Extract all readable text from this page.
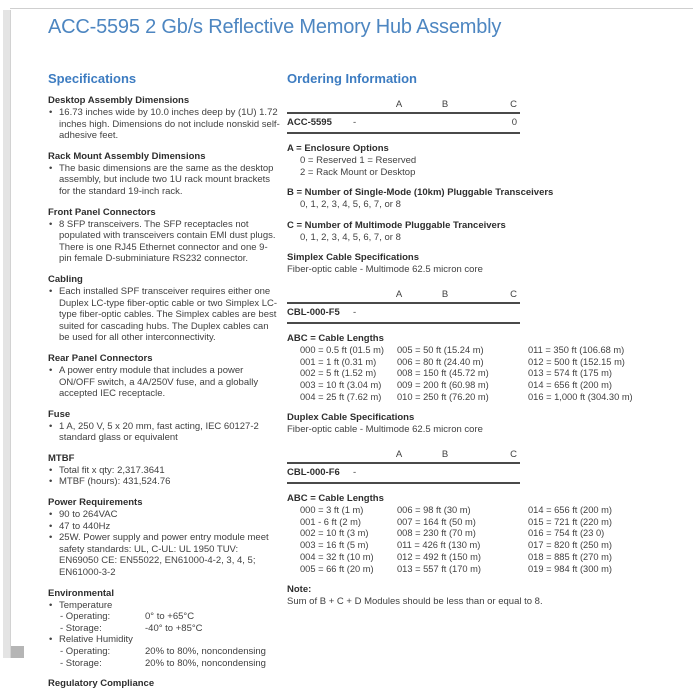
ACC-5595 2 Gb/s Reflective Memory Hub Assembly
Specifications
Desktop Assembly Dimensions
• 16.73 inches wide by 10.0 inches deep by (1U) 1.72 inches high. Dimensions do not include nonskid self-adhesive feet.
Rack Mount Assembly Dimensions
• The basic dimensions are the same as the desktop assembly, but include two 1U rack mount brackets for the standard 19-inch rack.
Front Panel Connectors
• 8 SFP transceivers. The SFP receptacles not populated with transceivers contain EMI dust plugs. There is one RJ45 Ethernet connector and one 9-pin female D-subminiature RS232 connector.
Cabling
• Each installed SPF transceiver requires either one Duplex LC-type fiber-optic cable or two Simplex LC-type fiber-optic cables. The Simplex cables are best suited for cascading hubs. The Duplex cables can be used for all other interconnectivity.
Rear Panel Connectors
• A power entry module that includes a power ON/OFF switch, a 4A/250V fuse, and a globally accepted IEC receptacle.
Fuse
• 1 A, 250 V, 5 x 20 mm, fast acting, IEC 60127-2 standard glass or equivalent
MTBF
• Total fit x qty: 2,317.3641
• MTBF (hours): 431,524.76
Power Requirements
• 90 to 264VAC
• 47 to 440Hz
• 25W. Power supply and power entry module meet safety standards: UL, C-UL: UL 1950 TUV: EN69050 CE: EN55022, EN61000-4-2, 3, 4, 5; EN61000-3-2
Environmental
• Temperature
- Operating:	0° to +65°C
- Storage:	-40° to +85°C
• Relative Humidity
- Operating:	20% to 80%, noncondensing
- Storage:	20% to 80%, noncondensing
Regulatory Compliance
Ordering Information
A	B	C
ACC-5595	-	0
A = Enclosure Options
0 = Reserved 1 = Reserved
2 = Rack Mount or Desktop
B = Number of Single-Mode (10km) Pluggable Transceivers
0, 1, 2, 3, 4, 5, 6, 7, or 8
C = Number of Multimode Pluggable Tranceivers
0, 1, 2, 3, 4, 5, 6, 7, or 8
Simplex Cable Specifications
Fiber-optic cable - Multimode 62.5 micron core
A	B	C
CBL-000-F5	-
ABC = Cable Lengths
000 = 0.5 ft (01.5 m)
001 = 1 ft (0.31 m)
002 = 5 ft (1.52 m)
003 = 10 ft (3.04 m)
004 = 25 ft (7.62 m)
005 = 50 ft (15.24 m)
006 = 80 ft (24.40 m)
008 = 150 ft (45.72 m)
009 = 200 ft (60.98 m)
010 = 250 ft (76.20 m)
011 = 350 ft (106.68 m)
012 = 500 ft (152.15 m)
013 = 574 ft (175 m)
014 = 656 ft (200 m)
016 = 1,000 ft (304.30 m)
Duplex Cable Specifications
Fiber-optic cable - Multimode 62.5 micron core
A	B	C
CBL-000-F6	-
ABC = Cable Lengths
000 = 3 ft (1 m)
001 - 6 ft (2 m)
002 = 10 ft (3 m)
003 = 16 ft (5 m)
004 = 32 ft (10 m)
005 = 66 ft (20 m)
006 = 98 ft (30 m)
007 = 164 ft (50 m)
008 = 230 ft (70 m)
011 = 426 ft (130 m)
012 = 492 ft (150 m)
013 = 557 ft (170 m)
014 = 656 ft (200 m)
015 = 721 ft (220 m)
016 = 754 ft (23 0)
017 = 820 ft (250 m)
018 = 885 ft (270 m)
019 = 984 ft (300 m)
Note:
Sum of B + C + D Modules should be less than or equal to 8.
